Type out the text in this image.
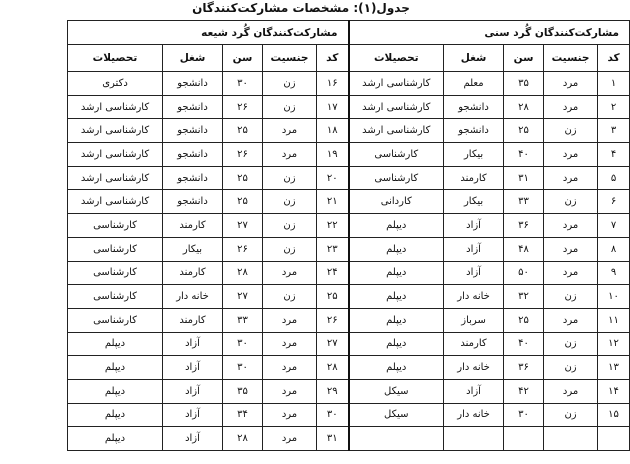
جدول(۱): مشخصات مشارکت‌کنندگان
مشارکت‌کنندگان گُرد سنی					مشارکت‌کنندگان گُرد شیعه				
کد	جنسیت	سن	شغل	تحصیلات	کد	جنسیت	سن	شغل	تحصیلات
۱	مرد	۳۵	معلم	کارشناسی ارشد	۱۶	زن	۳۰	دانشجو	دکتری
۲	مرد	۲۸	دانشجو	کارشناسی ارشد	۱۷	زن	۲۶	دانشجو	کارشناسی ارشد
۳	زن	۲۵	دانشجو	کارشناسی ارشد	۱۸	مرد	۲۵	دانشجو	کارشناسی ارشد
۴	مرد	۴۰	بیکار	کارشناسی	۱۹	مرد	۲۶	دانشجو	کارشناسی ارشد
۵	مرد	۳۱	کارمند	کارشناسی	۲۰	زن	۲۵	دانشجو	کارشناسی ارشد
۶	زن	۳۳	بیکار	کاردانی	۲۱	زن	۲۵	دانشجو	کارشناسی ارشد
۷	مرد	۳۶	آزاد	دیپلم	۲۲	زن	۲۷	کارمند	کارشناسی
۸	مرد	۴۸	آزاد	دیپلم	۲۳	زن	۲۶	بیکار	کارشناسی
۹	مرد	۵۰	آزاد	دیپلم	۲۴	مرد	۲۸	کارمند	کارشناسی
۱۰	زن	۳۲	خانه دار	دیپلم	۲۵	زن	۲۷	خانه دار	کارشناسی
۱۱	مرد	۲۵	سرباز	دیپلم	۲۶	مرد	۳۳	کارمند	کارشناسی
۱۲	زن	۴۰	کارمند	دیپلم	۲۷	مرد	۳۰	آزاد	دیپلم
۱۳	زن	۳۶	خانه دار	دیپلم	۲۸	مرد	۳۰	آزاد	دیپلم
۱۴	مرد	۴۲	آزاد	سیکل	۲۹	مرد	۳۵	آزاد	دیپلم
۱۵	زن	۳۰	خانه دار	سیکل	۳۰	مرد	۳۴	آزاد	دیپلم
					۳۱	مرد	۲۸	آزاد	دیپلم
